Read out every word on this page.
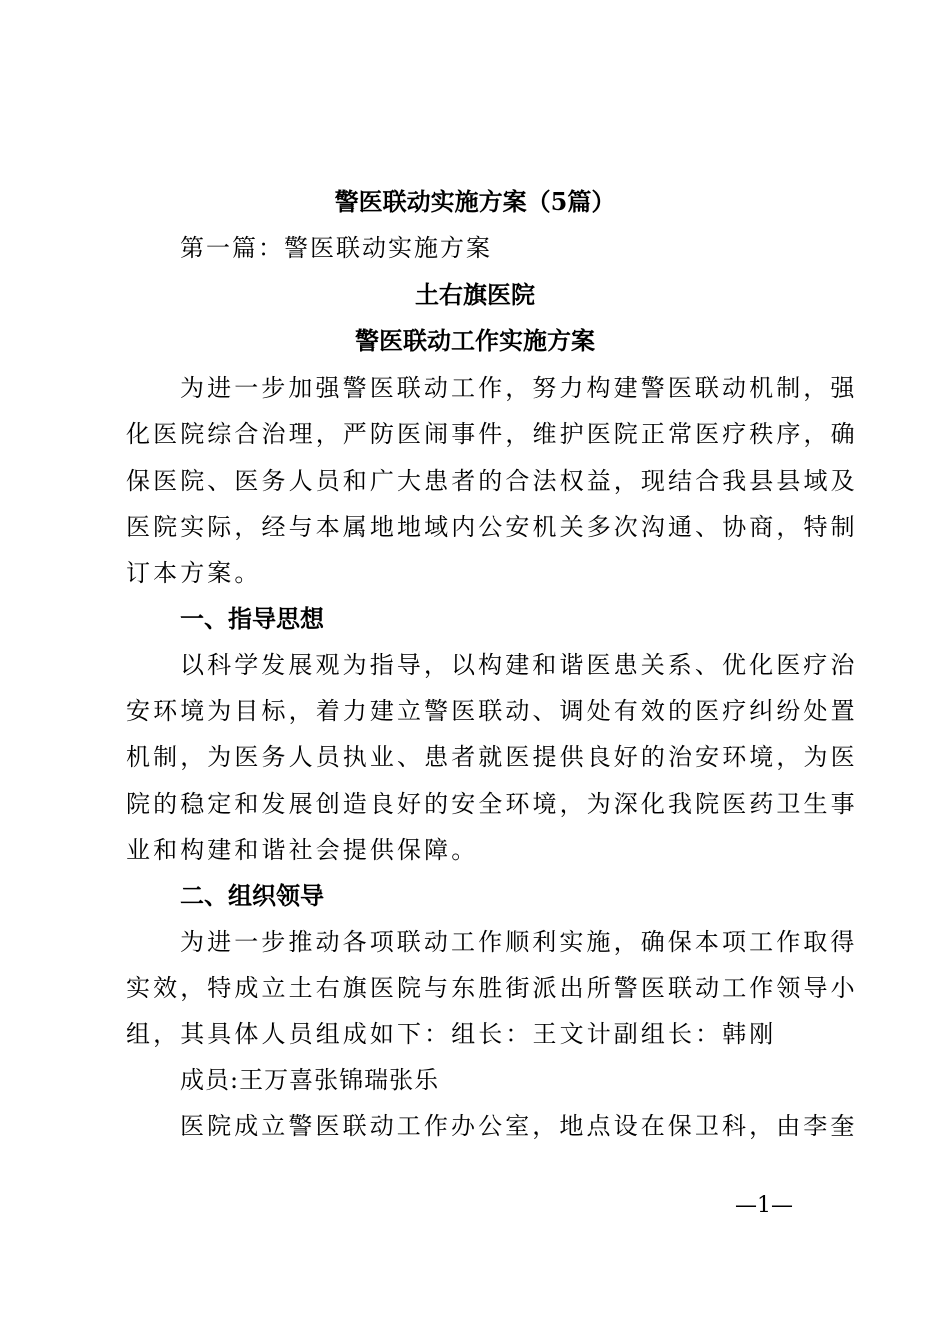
警医联动实施方案（5篇）

第一篇：警医联动实施方案

土右旗医院

警医联动工作实施方案

为进一步加强警医联动工作，努力构建警医联动机制，强

化医院综合治理，严防医闹事件，维护医院正常医疗秩序，确

保医院、医务人员和广大患者的合法权益，现结合我县县域及

医院实际，经与本属地地域内公安机关多次沟通、协商，特制

订本方案。

一、指导思想

以科学发展观为指导，以构建和谐医患关系、优化医疗治

安环境为目标，着力建立警医联动、调处有效的医疗纠纷处置

机制，为医务人员执业、患者就医提供良好的治安环境，为医

院的稳定和发展创造良好的安全环境，为深化我院医药卫生事

业和构建和谐社会提供保障。

二、组织领导

为进一步推动各项联动工作顺利实施，确保本项工作取得

实效，特成立土右旗医院与东胜街派出所警医联动工作领导小

组，其具体人员组成如下：组长：王文计副组长：韩刚

成员:王万喜张锦瑞张乐

医院成立警医联动工作办公室，地点设在保卫科，由李奎

—1—
